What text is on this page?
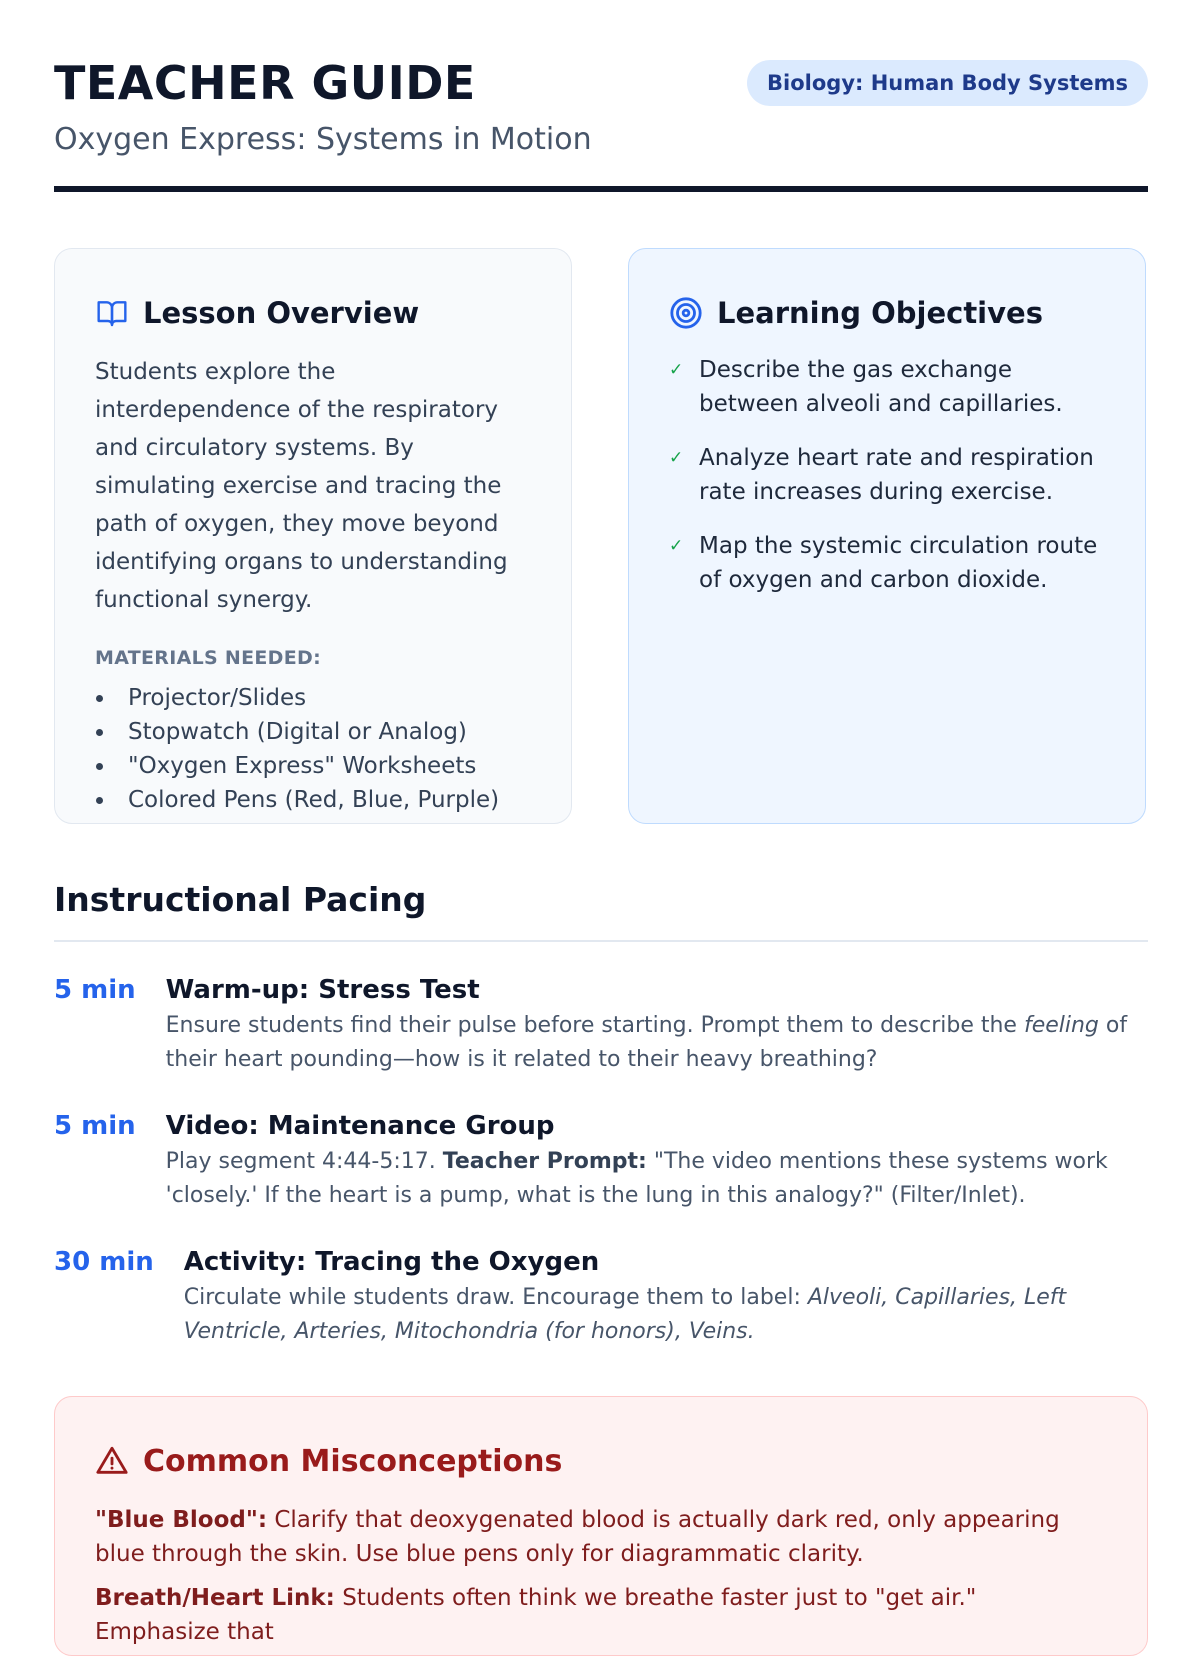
TEACHER GUIDE
Oxygen Express: Systems in Motion
Biology: Human Body Systems
Lesson Overview

Students explore the interdependence of the respiratory and circulatory systems. By simulating exercise and tracing the path of oxygen, they move beyond identifying organs to understanding functional synergy.

MATERIALS NEEDED:
Projector/Slides
Stopwatch (Digital or Analog)
"Oxygen Express" Worksheets
Colored Pens (Red, Blue, Purple)
Learning Objectives
✓ Describe the gas exchange between alveoli and capillaries.
✓ Analyze heart rate and respiration rate increases during exercise.
✓ Map the systemic circulation route of oxygen and carbon dioxide.
Instructional Pacing
5 min Warm-up: Stress Test

Ensure students find their pulse before starting. Prompt them to describe the feeling of their heart pounding—how is it related to their heavy breathing?

5 min Video: Maintenance Group

Play segment 4:44-5:17. Teacher Prompt: "The video mentions these systems work 'closely.' If the heart is a pump, what is the lung in this analogy?" (Filter/Inlet).

30 min Activity: Tracing the Oxygen

Circulate while students draw. Encourage them to label: Alveoli, Capillaries, Left Ventricle, Arteries, Mitochondria (for honors), Veins.

Common Misconceptions

"Blue Blood": Clarify that deoxygenated blood is actually dark red, only appearing blue through the skin. Use blue pens only for diagrammatic clarity.

Breath/Heart Link: Students often think we breathe faster just to "get air." Emphasize that
